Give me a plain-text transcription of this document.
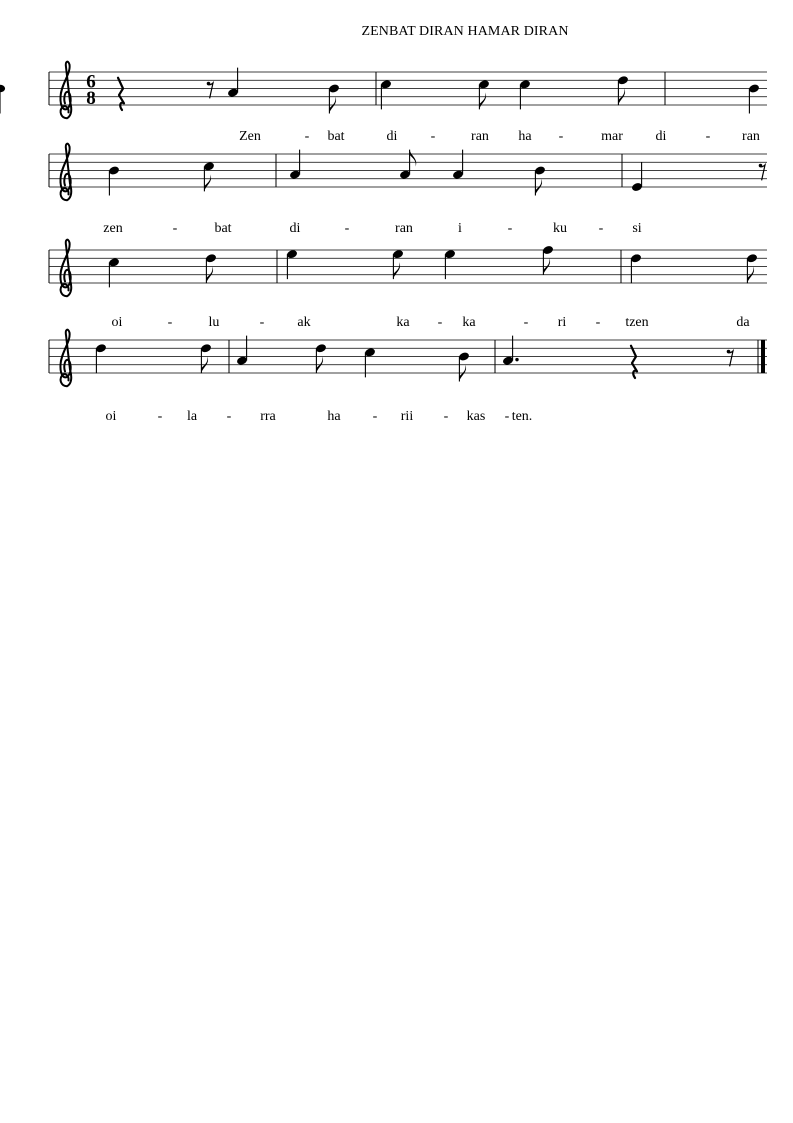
ZENBAT DIRAN HAMAR DIRAN
6
8
Zen	- bat	di -	ran ha -	mar di	- ran
zen	-	bat	di	-	ran	i	-	ku - si
oi	-	lu	- ak	ka - ka	- ri - tzen	da
oi	- la - rra	ha - rii - kas - ten.
